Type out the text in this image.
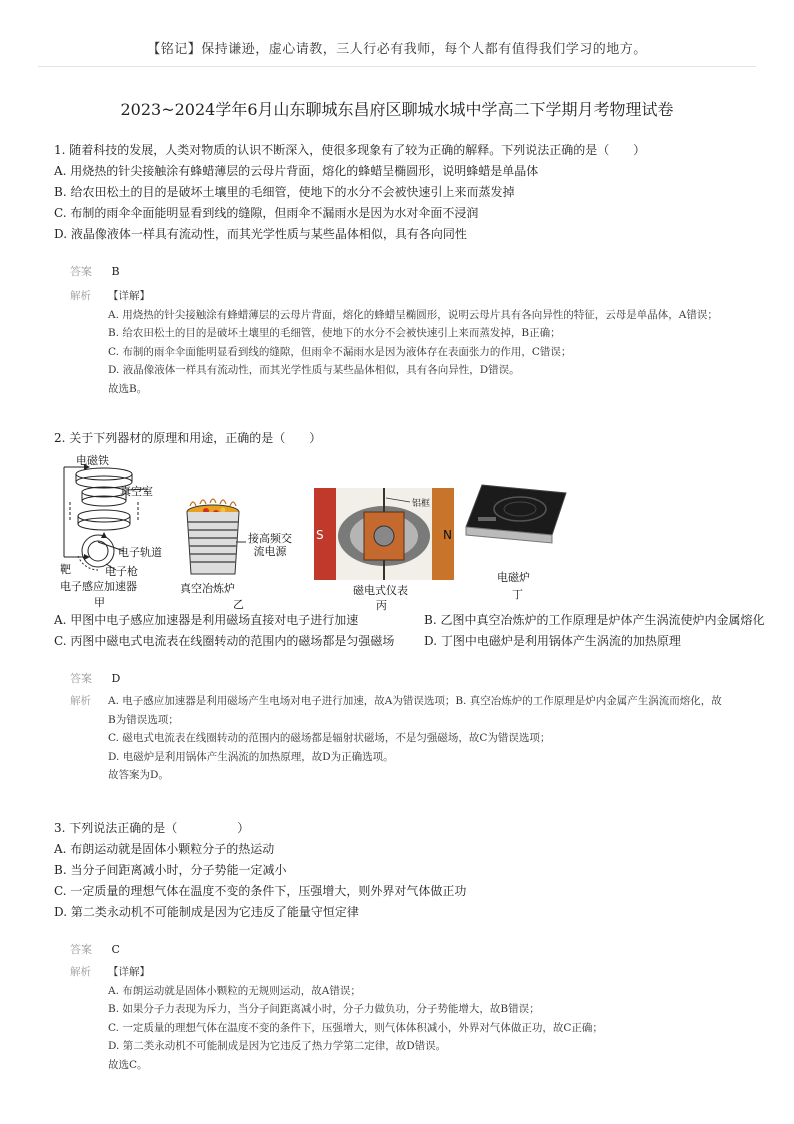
【铭记】保持谦逊，虚心请教，三人行必有我师，每个人都有值得我们学习的地方。
2023~2024学年6月山东聊城东昌府区聊城水城中学高二下学期月考物理试卷

1. 随着科技的发展，人类对物质的认识不断深入，使很多现象有了较为正确的解释。下列说法正确的是（　　）

A. 用烧热的针尖接触涂有蜂蜡薄层的云母片背面，熔化的蜂蜡呈椭圆形，说明蜂蜡是单晶体

B. 给农田松土的目的是破坏土壤里的毛细管，使地下的水分不会被快速引上来而蒸发掉

C. 布制的雨伞伞面能明显看到线的缝隙，但雨伞不漏雨水是因为水对伞面不浸润

D. 液晶像液体一样具有流动性，而其光学性质与某些晶体相似，具有各向同性

答案 B
解析 【详解】

A. 用烧热的针尖接触涂有蜂蜡薄层的云母片背面，熔化的蜂蜡呈椭圆形，说明云母片具有各向异性的特征，云母是单晶体，A错误；

B. 给农田松土的目的是破坏土壤里的毛细管，使地下的水分不会被快速引上来而蒸发掉，B正确；

C. 布制的雨伞伞面能明显看到线的缝隙，但雨伞不漏雨水是因为液体存在表面张力的作用，C错误；

D. 液晶像液体一样具有流动性，而其光学性质与某些晶体相似，具有各向异性，D错误。

故选B。

2. 关于下列器材的原理和用途，正确的是（　　）

电磁铁
真空室
电子轨道
靶	电子枪
电子感应加速器
甲
接高频交
流电源
真空冶炼炉
乙
S	N
铝框
磁电式仪表
丙
电磁炉
丁
A. 甲图中电子感应加速器是利用磁场直接对电子进行加速	B. 乙图中真空冶炼炉的工作原理是炉体产生涡流使炉内金属熔化
C. 丙图中磁电式电流表在线圈转动的范围内的磁场都是匀强磁场 D. 丁图中电磁炉是利用锅体产生涡流的加热原理
答案 D
解析 A. 电子感应加速器是利用磁场产生电场对电子进行加速，故A为错误选项；B. 真空冶炼炉的工作原理是炉内金属产生涡流而熔化，故

B为错误选项；

C. 磁电式电流表在线圈转动的范围内的磁场都是辐射状磁场，不是匀强磁场，故C为错误选项；

D. 电磁炉是利用锅体产生涡流的加热原理，故D为正确选项。

故答案为D。

3. 下列说法正确的是（　　　　　）

A. 布朗运动就是固体小颗粒分子的热运动

B. 当分子间距离减小时，分子势能一定减小

C. 一定质量的理想气体在温度不变的条件下，压强增大，则外界对气体做正功

D. 第二类永动机不可能制成是因为它违反了能量守恒定律

答案 C
解析 【详解】

A. 布朗运动就是固体小颗粒的无规则运动，故A错误；

B. 如果分子力表现为斥力，当分子间距离减小时，分子力做负功，分子势能增大，故B错误；

C. 一定质量的理想气体在温度不变的条件下，压强增大，则气体体积减小，外界对气体做正功，故C正确；

D. 第二类永动机不可能制成是因为它违反了热力学第二定律，故D错误。

故选C。
